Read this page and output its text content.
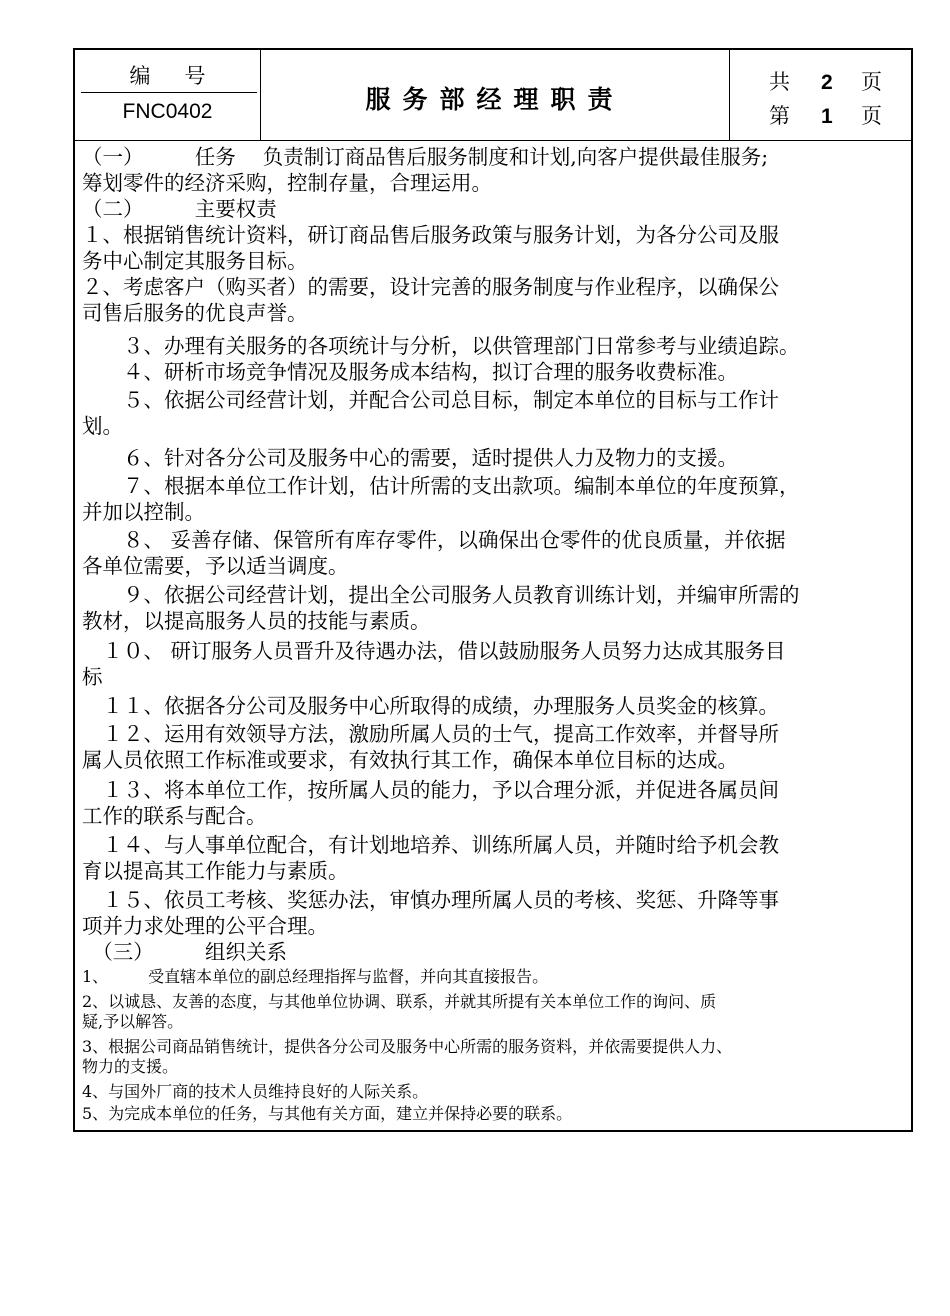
编号
FNC0402	服务部经理职责
共 2 页
第 1 页
（一）　　　任务　 负责制订商品售后服务制度和计划,向客户提供最佳服务;
筹划零件的经济采购，控制存量，合理运用。
（二）　　　主要权责
１、根据销售统计资料，研订商品售后服务政策与服务计划，为各分公司及服
务中心制定其服务目标。
２、考虑客户（购买者）的需要，设计完善的服务制度与作业程序，以确保公
司售后服务的优良声誉。
　　３、办理有关服务的各项统计与分析，以供管理部门日常参考与业绩追踪。
　　４、研析市场竞争情况及服务成本结构，拟订合理的服务收费标准。
　　５、依据公司经营计划，并配合公司总目标，制定本单位的目标与工作计
划。
　　６、针对各分公司及服务中心的需要，适时提供人力及物力的支援。
　　７、根据本单位工作计划，估计所需的支出款项。编制本单位的年度预算，
并加以控制。
　　８、 妥善存储、保管所有库存零件，以确保出仓零件的优良质量，并依据
各单位需要，予以适当调度。
　　９、依据公司经营计划，提出全公司服务人员教育训练计划，并编审所需的
教材，以提高服务人员的技能与素质。
　１０、 研订服务人员晋升及待遇办法，借以鼓励服务人员努力达成其服务目
标
　１１、依据各分公司及服务中心所取得的成绩，办理服务人员奖金的核算。
　１２、运用有效领导方法，激励所属人员的士气，提高工作效率，并督导所
属人员依照工作标准或要求，有效执行其工作，确保本单位目标的达成。
　１３、将本单位工作，按所属人员的能力，予以合理分派，并促进各属员间
工作的联系与配合。
　１４、与人事单位配合，有计划地培养、训练所属人员，并随时给予机会教
育以提高其工作能力与素质。
　１５、依员工考核、奖惩办法，审慎办理所属人员的考核、奖惩、升降等事
项并力求处理的公平合理。
　（三）　　　组织关系
1、　　　受直辖本单位的副总经理指挥与监督，并向其直接报告。
2、以诚恳、友善的态度，与其他单位协调、联系，并就其所提有关本单位工作的询问、质
疑,予以解答。
3、根据公司商品销售统计，提供各分公司及服务中心所需的服务资料，并依需要提供人力、
物力的支援。
4、与国外厂商的技术人员维持良好的人际关系。
5、为完成本单位的任务，与其他有关方面，建立并保持必要的联系。
